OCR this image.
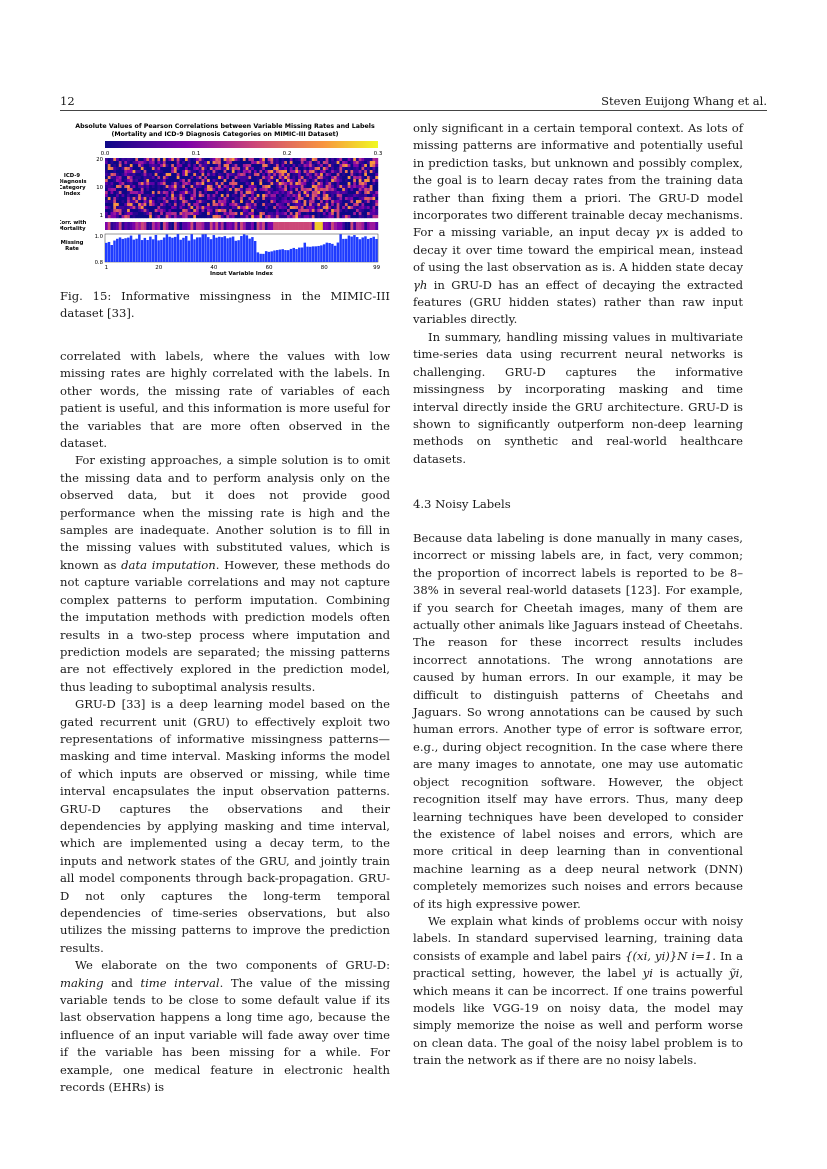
12	Steven Euijong Whang et al.
Absolute Values of Pearson Correlations between Variable Missing Rates and Labels
(Mortality and ICD-9 Diagnosis Categories on MIMIC-III Dataset)
0.0	0.1	0.2	0.3
ICD-9
Diagnosis
Category
Index
20
10
1
Corr. with
Mortality
Missing
Rate
1.0
0.8
1	20	40	60	80	99
Input Variable Index
Fig. 15: Informative missingness in the MIMIC-III dataset [33].

correlated with labels, where the values with low missing rates are highly correlated with the labels. In other words, the missing rate of variables of each patient is useful, and this information is more useful for the variables that are more often observed in the dataset.

For existing approaches, a simple solution is to omit the missing data and to perform analysis only on the observed data, but it does not provide good performance when the missing rate is high and the samples are inadequate. Another solution is to fill in the missing values with substituted values, which is known as data imputation. However, these methods do not capture variable correlations and may not capture complex patterns to perform imputation. Combining the imputation methods with prediction models often results in a two-step process where imputation and prediction models are separated; the missing patterns are not effectively explored in the prediction model, thus leading to suboptimal analysis results.

GRU-D [33] is a deep learning model based on the gated recurrent unit (GRU) to effectively exploit two representations of informative missingness patterns—masking and time interval. Masking informs the model of which inputs are observed or missing, while time interval encapsulates the input observation patterns. GRU-D captures the observations and their dependencies by applying masking and time interval, which are implemented using a decay term, to the inputs and network states of the GRU, and jointly train all model components through back-propagation. GRU-D not only captures the long-term temporal dependencies of time-series observations, but also utilizes the missing patterns to improve the prediction results.

We elaborate on the two components of GRU-D: making and time interval. The value of the missing variable tends to be close to some default value if its last observation happens a long time ago, because the influence of an input variable will fade away over time if the variable has been missing for a while. For example, one medical feature in electronic health records (EHRs) is

only significant in a certain temporal context. As lots of missing patterns are informative and potentially useful in prediction tasks, but unknown and possibly complex, the goal is to learn decay rates from the training data rather than fixing them a priori. The GRU-D model incorporates two different trainable decay mechanisms. For a missing variable, an input decay γx is added to decay it over time toward the empirical mean, instead of using the last observation as is. A hidden state decay γh in GRU-D has an effect of decaying the extracted features (GRU hidden states) rather than raw input variables directly.

In summary, handling missing values in multivariate time-series data using recurrent neural networks is challenging. GRU-D captures the informative missingness by incorporating masking and time interval directly inside the GRU architecture. GRU-D is shown to significantly outperform non-deep learning methods on synthetic and real-world healthcare datasets.

4.3 Noisy Labels

Because data labeling is done manually in many cases, incorrect or missing labels are, in fact, very common; the proportion of incorrect labels is reported to be 8–38% in several real-world datasets [123]. For example, if you search for Cheetah images, many of them are actually other animals like Jaguars instead of Cheetahs. The reason for these incorrect results includes incorrect annotations. The wrong annotations are caused by human errors. In our example, it may be difficult to distinguish patterns of Cheetahs and Jaguars. So wrong annotations can be caused by such human errors. Another type of error is software error, e.g., during object recognition. In the case where there are many images to annotate, one may use automatic object recognition software. However, the object recognition itself may have errors. Thus, many deep learning techniques have been developed to consider the existence of label noises and errors, which are more critical in deep learning than in conventional machine learning as a deep neural network (DNN) completely memorizes such noises and errors because of its high expressive power.

We explain what kinds of problems occur with noisy labels. In standard supervised learning, training data consists of example and label pairs {(xi, yi)}N i=1. In a practical setting, however, the label yi is actually ỹi, which means it can be incorrect. If one trains powerful models like VGG-19 on noisy data, the model may simply memorize the noise as well and perform worse on clean data. The goal of the noisy label problem is to train the network as if there are no noisy labels.
